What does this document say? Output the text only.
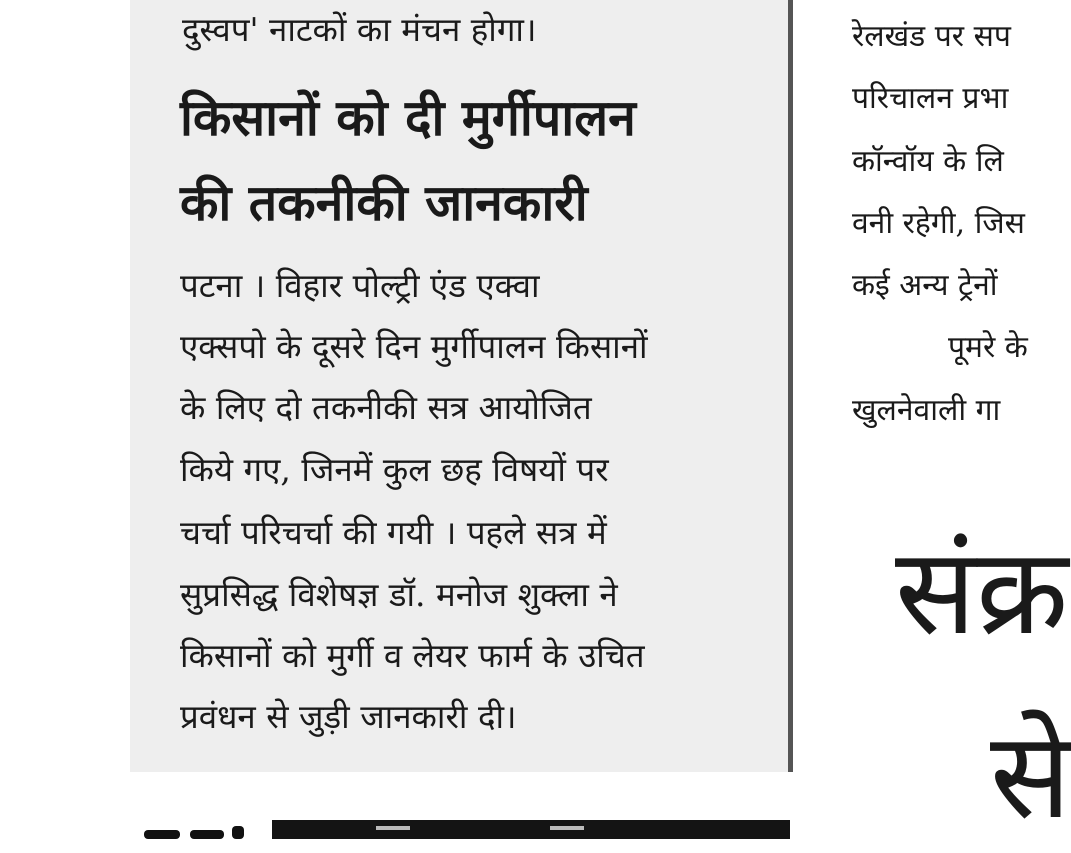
दुस्वप' नाटकों का मंचन होगा।

किसानों को दी मुर्गीपालन
की तकनीकी जानकारी

पटना । विहार पोल्ट्री एंड एक्वा

एक्सपो के दूसरे दिन मुर्गीपालन किसानों

के लिए दो तकनीकी सत्र आयोजित

किये गए, जिनमें कुल छह विषयों पर

चर्चा परिचर्चा की गयी । पहले सत्र में

सुप्रसिद्ध विशेषज्ञ डॉ. मनोज शुक्ला ने

किसानों को मुर्गी व लेयर फार्म के उचित

प्रवंधन से जुड़ी जानकारी दी।

रेलखंड पर सप

परिचालन प्रभा

कॉन्वॉय के लि

वनी रहेगी, जिस

कई अन्य ट्रेनों

पूमरे के

खुलनेवाली गा

संक्र

से
